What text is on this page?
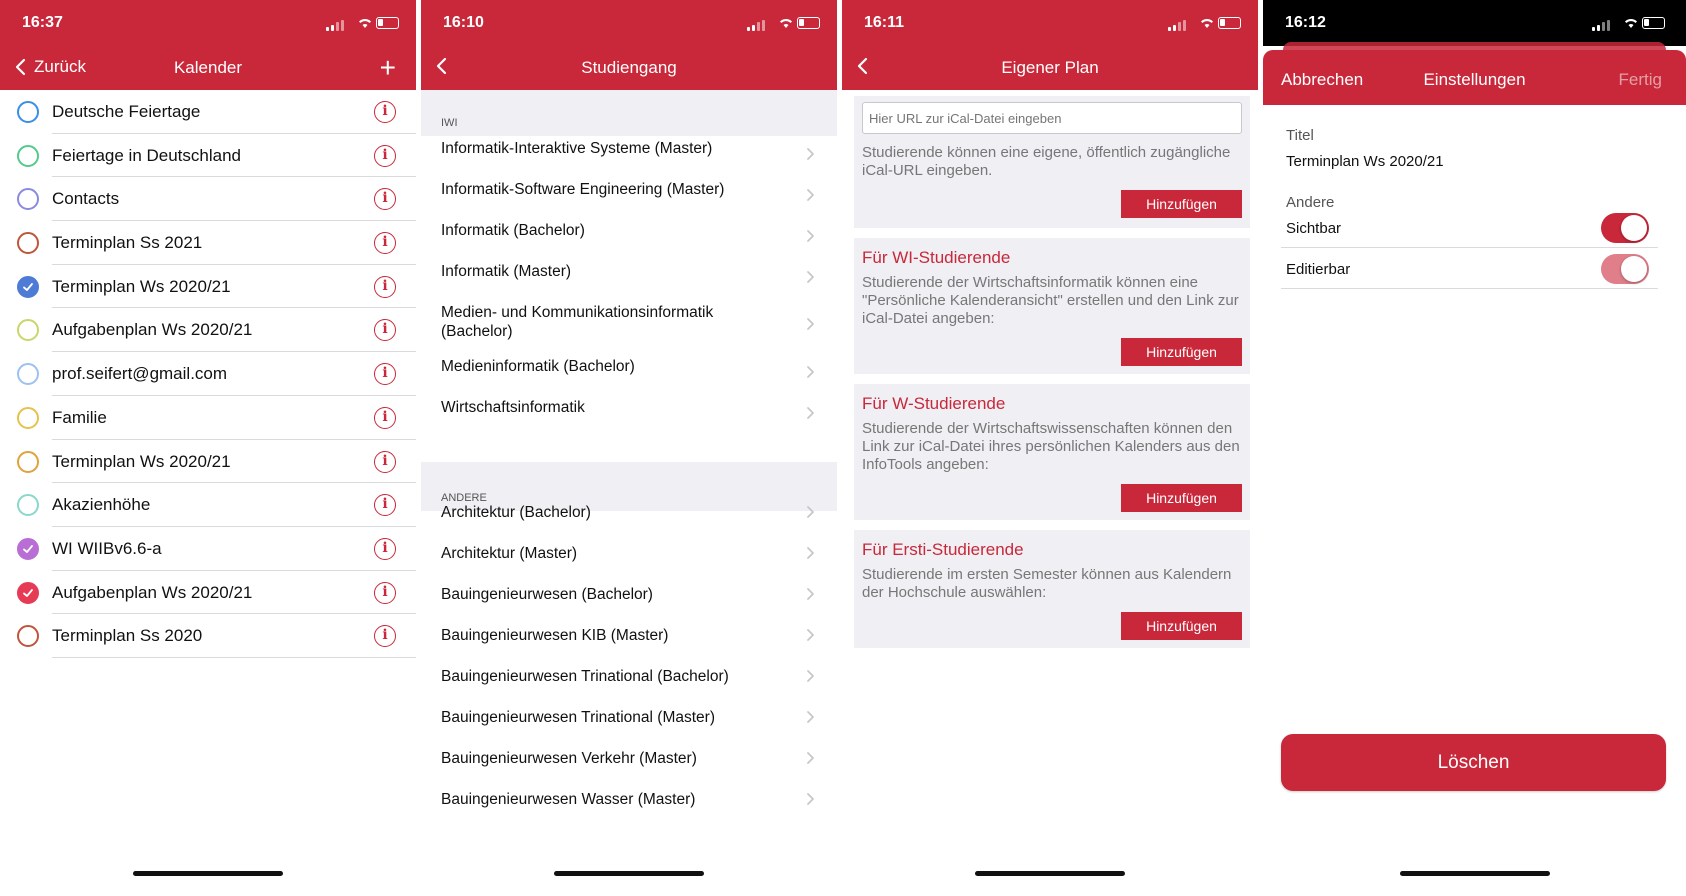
16:37
Zurück	Kalender	+
Deutsche Feiertage	i
Feiertage in Deutschland	i
Contacts	i
Terminplan Ss 2021	i
Terminplan Ws 2020/21	i
Aufgabenplan Ws 2020/21	i
prof.seifert@gmail.com	i
Familie	i
Terminplan Ws 2020/21	i
Akazienhöhe	i
WI WIIBv6.6-a	i
Aufgabenplan Ws 2020/21	i
Terminplan Ss 2020	i
16:10
Studiengang
IWI
Informatik-Interaktive Systeme (Master)
Informatik-Software Engineering (Master)
Informatik (Bachelor)
Informatik (Master)
Medien- und Kommunikationsinformatik (Bachelor)
Medieninformatik (Bachelor)
Wirtschaftsinformatik
ANDERE
Architektur (Bachelor)
Architektur (Master)
Bauingenieurwesen (Bachelor)
Bauingenieurwesen KIB (Master)
Bauingenieurwesen Trinational (Bachelor)
Bauingenieurwesen Trinational (Master)
Bauingenieurwesen Verkehr (Master)
Bauingenieurwesen Wasser (Master)
16:11
Eigener Plan
Hier URL zur iCal-Datei eingeben
Studierende können eine eigene, öffentlich zugängliche iCal-URL eingeben.
Hinzufügen
Für WI-Studierende
Studierende der Wirtschaftsinformatik können eine "Persönliche Kalenderansicht" erstellen und den Link zur iCal-Datei angeben:
Hinzufügen
Für W-Studierende
Studierende der Wirtschaftswissenschaften können den Link zur iCal-Datei ihres persönlichen Kalenders aus den InfoTools angeben:
Hinzufügen
Für Ersti-Studierende
Studierende im ersten Semester können aus Kalendern der Hochschule auswählen:
Hinzufügen
16:12
Abbrechen	Einstellungen	Fertig
Titel
Terminplan Ws 2020/21
Andere
Sichtbar
Editierbar
Löschen
